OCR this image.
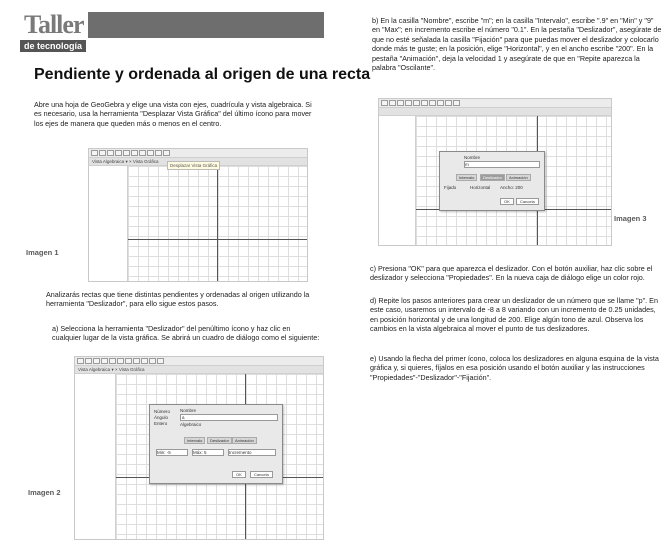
Taller
de tecnología
Pendiente y ordenada al origen de una recta
Abre una hoja de GeoGebra y elige una vista con ejes, cuadrícula y vista algebraica. Si es necesario, usa la herramienta "Desplazar Vista Gráfica" del último ícono para mover los ejes de manera que queden más o menos en el centro.
Vista Algebraica ▾ × Vista Gráfica
Desplazar Vista Gráfica
Imagen 1
Analizarás rectas que tiene distintas pendientes y ordenadas al origen utilizando la herramienta "Deslizador", para ello sigue estos pasos.
a) Selecciona la herramienta "Deslizador" del penúltimo ícono y haz clic en cualquier lugar de la vista gráfica. Se abrirá un cuadro de diálogo como el siguiente:
Vista Algebraica ▾ × Vista Gráfica
Número
Ángulo
Entero
Nombre
a
Algebraico
Intervalo	Deslizador	Animación
Min: -5	Máx: 5	Incremento
OK	Cancela
Imagen 2
b) En la casilla "Nombre", escribe "m"; en la casilla "Intervalo", escribe ".9" en "Min" y "9" en "Max"; en incremento escribe el número "0.1". En la pestaña "Deslizador", asegúrate de que no esté señalada la casilla "Fijación" para que puedas mover el deslizador y colocarlo donde más te guste; en la posición, elige "Horizontal", y en el ancho escribe "200". En la pestaña "Animación", deja la velocidad 1 y asegúrate de que en "Repite aparezca la palabra "Oscilante".
Nombre
m
Intervalo	Deslizador	Animación
Fijado	Horizontal Ancho: 200
OK	Cancela
Imagen 3
c) Presiona "OK" para que aparezca el deslizador. Con el botón auxiliar, haz clic sobre el deslizador y selecciona "Propiedades". En la nueva caja de diálogo elige un color rojo.
d) Repite los pasos anteriores para crear un deslizador de un número que se llame "p". En este caso, usaremos un intervalo de -8 a 8 variando con un incremento de 0.25 unidades, en posición horizontal y de una longitud de 200. Elige algún tono de azul. Observa los cambios en la vista algebraica al mover el punto de tus deslizadores.
e) Usando la flecha del primer ícono, coloca los deslizadores en alguna esquina de la vista gráfica y, si quieres, fíjalos en esa posición usando el botón auxiliar y las instrucciones "Propiedades"-"Deslizador"-"Fijación".
